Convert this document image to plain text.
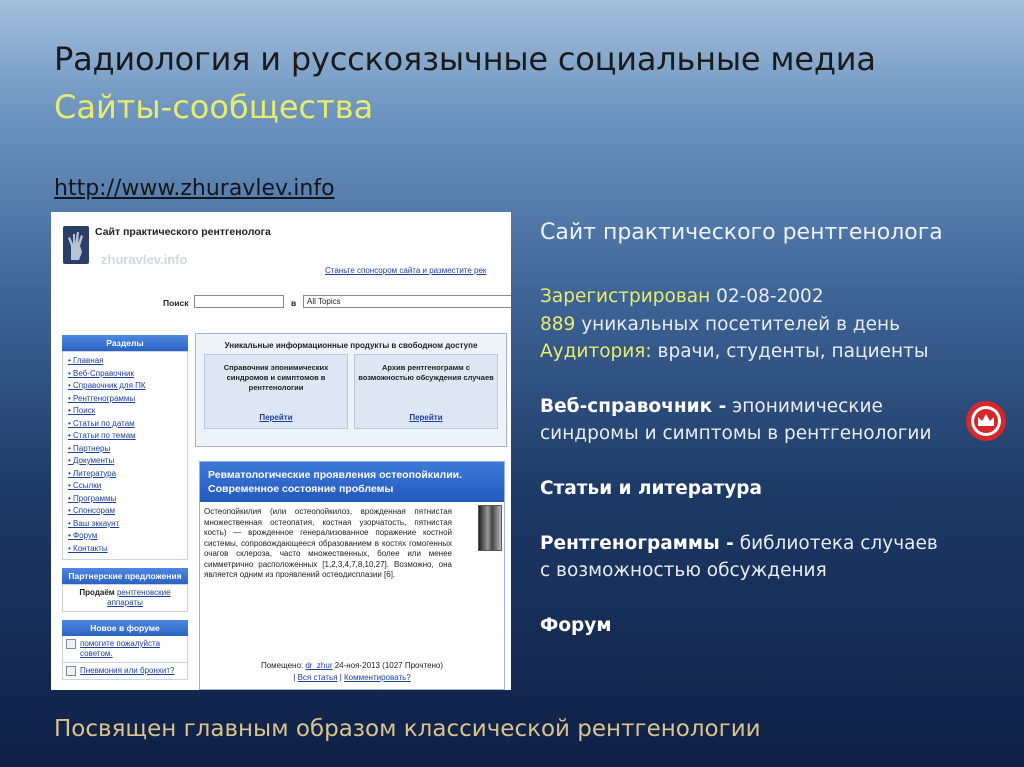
Радиология и русскоязычные социальные медиа
Сайты-сообщества
http://www.zhuravlev.info
Сайт практического рентгенолога
zhuravlev.info
Станьте спонсором сайта и разместите рек
Поиск	в	All Topics
Разделы
• Главная
• Веб-Справочник
• Справочник для ПК
• Рентгенограммы
• Поиск
• Статьи по датам
• Статьи по темам
• Партнеры
• Документы
• Литература
• Ссылки
• Программы
• Спонсорам
• Ваш эккаунт
• Форум
• Контакты
Партнерские предложения
Продаём рентгеновские аппараты
Новое в форуме
помогите пожалуйста советом.
Пневмония или бронхит?
Уникальные информационные продукты в свободном доступе
Справочник эпонимических синдромов и симптомов в рентгенологии
Перейти
Архив рентгенограмм с возможностью обсуждения случаев
Перейти
Ревматологические проявления остеопойкилии. Современное состояние проблемы
Остеопойкилия (или остеопойкилоз, врожденная пятнистая множественная остеопатия, костная узорчатость, пятнистая кость) — врожденное генерализованное поражение костной системы, сопровождающееся образованием в костях гомогенных очагов склероза, часто множественных, более или менее симметрично расположенных [1,2,3,4,7,8,10,27]. Возможно, она является одним из проявлений остеодисплазии [6].
Помещено: dr_zhur 24-ноя-2013 (1027 Прочтено)
| Вся статья | Комментировать?
Сайт практического рентгенолога
Зарегистрирован 02-08-2002
889 уникальных посетителей в день
Аудитория: врачи, студенты, пациенты
Веб-справочник - эпонимические
синдромы и симптомы в рентгенологии
Статьи и литература
Рентгенограммы - библиотека случаев
с возможностью обсуждения
Форум
Посвящен главным образом классической рентгенологии
